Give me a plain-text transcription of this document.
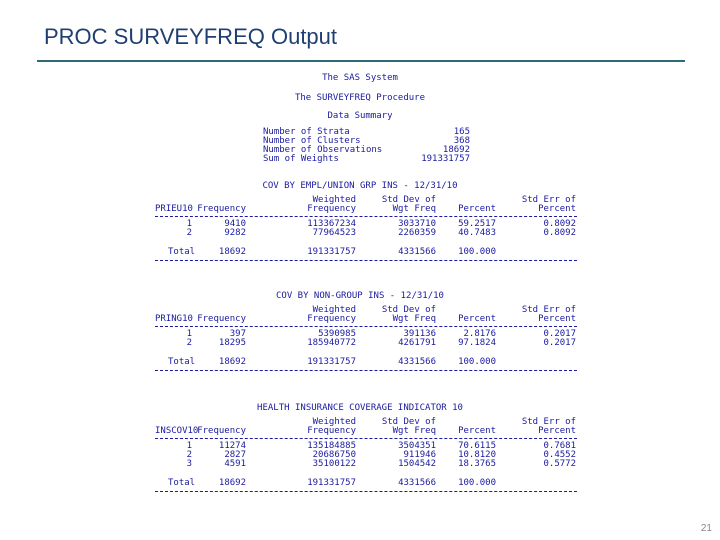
PROC SURVEYFREQ Output
The SAS System
The SURVEYFREQ Procedure
Data Summary
Number of Strata	165
Number of Clusters	368
Number of Observations	18692
Sum of Weights	191331757
COV BY EMPL/UNION GRP INS - 12/31/10
Weighted	Std Dev of	Std Err of
PRIEU10 Frequency	Frequency	Wgt Freq	Percent	Percent
1	9410	113367234	3033710	59.2517	0.8092
2	9282	77964523	2260359	40.7483	0.8092
Total	18692	191331757	4331566	100.000
COV BY NON-GROUP INS - 12/31/10
Weighted	Std Dev of	Std Err of
PRING10 Frequency	Frequency	Wgt Freq	Percent	Percent
1	397	5390985	391136	2.8176	0.2017
2	18295	185940772	4261791	97.1824	0.2017
Total	18692	191331757	4331566	100.000
HEALTH INSURANCE COVERAGE INDICATOR 10
Weighted	Std Dev of	Std Err of
INSCOV10
Frequency	Frequency	Wgt Freq	Percent	Percent
1	11274	135184885	3504351	70.6115	0.7681
2	2827	20686750	911946	10.8120	0.4552
3	4591	35100122	1504542	18.3765	0.5772
Total	18692	191331757	4331566	100.000
21
